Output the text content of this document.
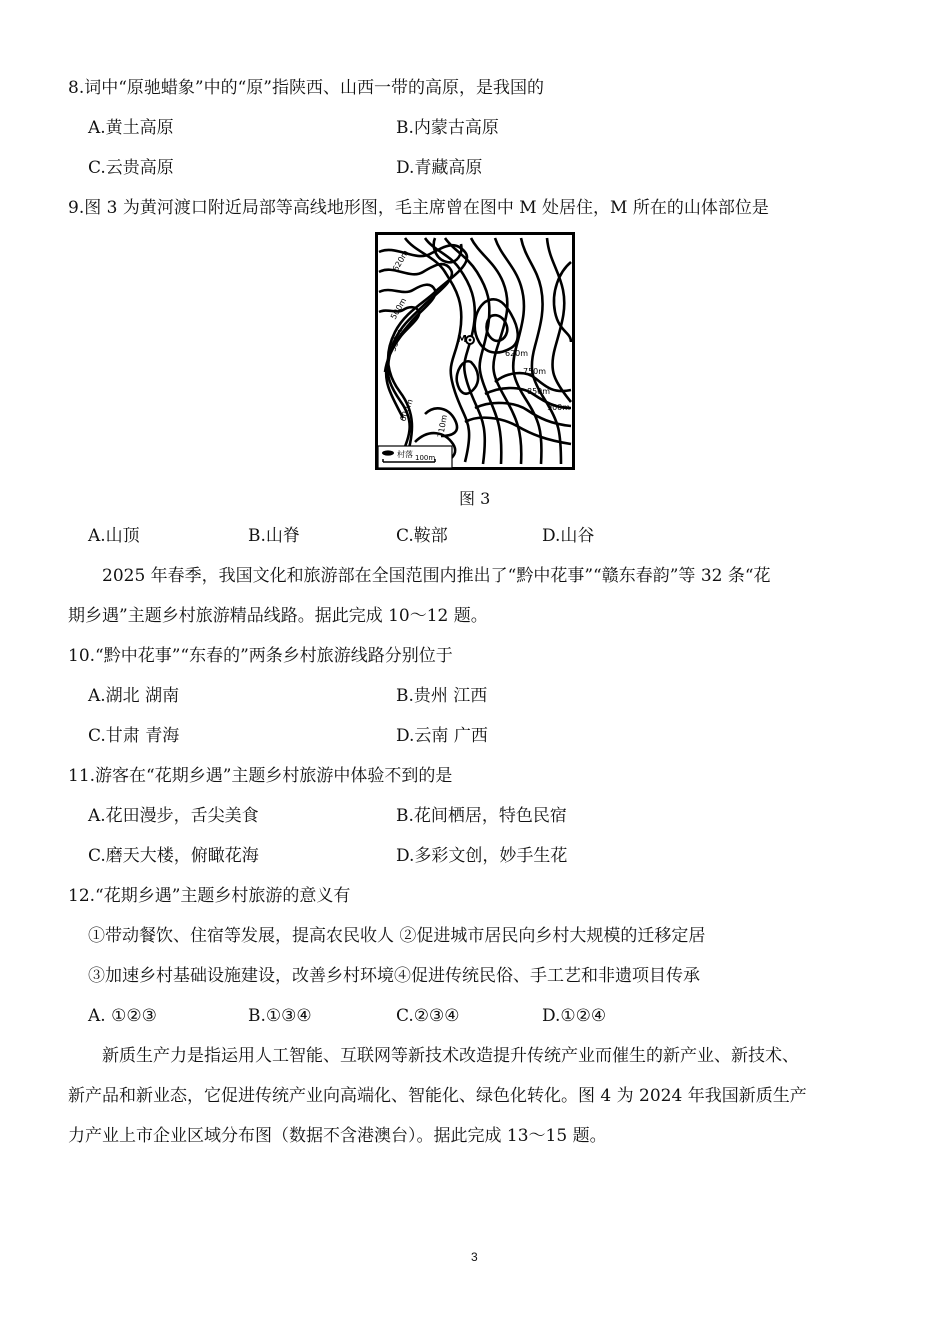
8.词中“原驰蜡象”中的“原”指陕西、山西一带的高原，是我国的
A.黄土高原	B.内蒙古高原
C.云贵高原	D.青藏高原
9.图 3 为黄河渡口附近局部等高线地形图，毛主席曾在图中 M 处居住，M 所在的山体部位是
M
500m
620m
550m
600m
710m
750m
850m
900m
620m
村落 100m
图 3
A.山顶	B.山脊	C.鞍部	D.山谷
2025 年春季，我国文化和旅游部在全国范围内推出了“黔中花事”“赣东春韵”等 32 条“花
期乡遇”主题乡村旅游精品线路。据此完成 10～12 题。
10.“黔中花事”“东春的”两条乡村旅游线路分别位于
A.湖北 湖南	B.贵州 江西
C.甘肃 青海	D.云南 广西
11.游客在“花期乡遇”主题乡村旅游中体验不到的是
A.花田漫步，舌尖美食	B.花间栖居，特色民宿
C.磨天大楼，俯瞰花海	D.多彩文创，妙手生花
12.“花期乡遇”主题乡村旅游的意义有
①带动餐饮、住宿等发展，提高农民收人 ②促进城市居民向乡村大规模的迁移定居
③加速乡村基础设施建设，改善乡村环境④促进传统民俗、手工艺和非遗项目传承
A. ①②③	B.①③④	C.②③④	D.①②④
新质生产力是指运用人工智能、互联网等新技术改造提升传统产业而催生的新产业、新技术、
新产品和新业态，它促进传统产业向高端化、智能化、绿色化转化。图 4 为 2024 年我国新质生产
力产业上市企业区域分布图（数据不含港澳台）。据此完成 13～15 题。
3
